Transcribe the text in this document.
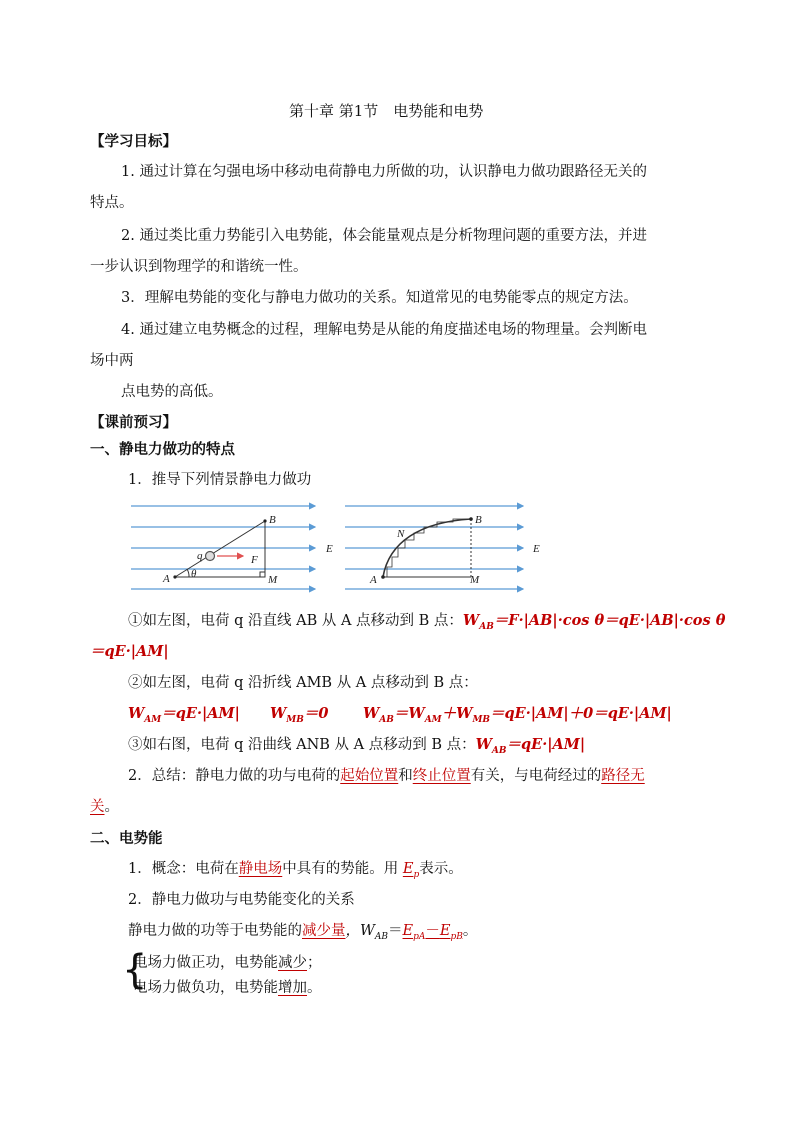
第十章 第1节　电势能和电势
【学习目标】
1. 通过计算在匀强电场中移动电荷静电力所做的功，认识静电力做功跟路径无关的
特点。
2. 通过类比重力势能引入电势能，体会能量观点是分析物理问题的重要方法，并进
一步认识到物理学的和谐统一性。
3．理解电势能的变化与静电力做功的关系。知道常见的电势能零点的规定方法。
4. 通过建立电势概念的过程，理解电势是从能的角度描述电场的物理量。会判断电
场中两
点电势的高低。
【课前预习】
一、静电力做功的特点
1．推导下列情景静电力做功
B
q	F
E
A θ	M
B
N
E
A	M
①如左图，电荷 q 沿直线 AB 从 A 点移动到 B 点：$W_{AB}=F\cdot|AB|\cdot\cos$ θ＝qE·|AB|·cos θ
＝qE·|AM|
②如左图，电荷 q 沿折线 AMB 从 A 点移动到 B 点：
$W_{AM}=qE\cdot|AM|$ $W_{MB}=0$ $W_{AB}=W_{AM}+W_{MB}=qE\cdot|AM|+0=qE\cdot|AM|$
③如右图，电荷 q 沿曲线 ANB 从 A 点移动到 B 点：$W_{AB}=qE\cdot|AM|$
2．总结：静电力做的功与电荷的起始位置和终止位置有关，与电荷经过的路径无
关。
二、电势能
1．概念：电荷在静电场中具有的势能。用 $E_p$表示。
2．静电力做功与电势能变化的关系
静电力做的功等于电势能的减少量，$W_{AB}=E_{pA}-E_{pB}$。
{
电场力做正功，电势能减少；
电场力做负功，电势能增加。
